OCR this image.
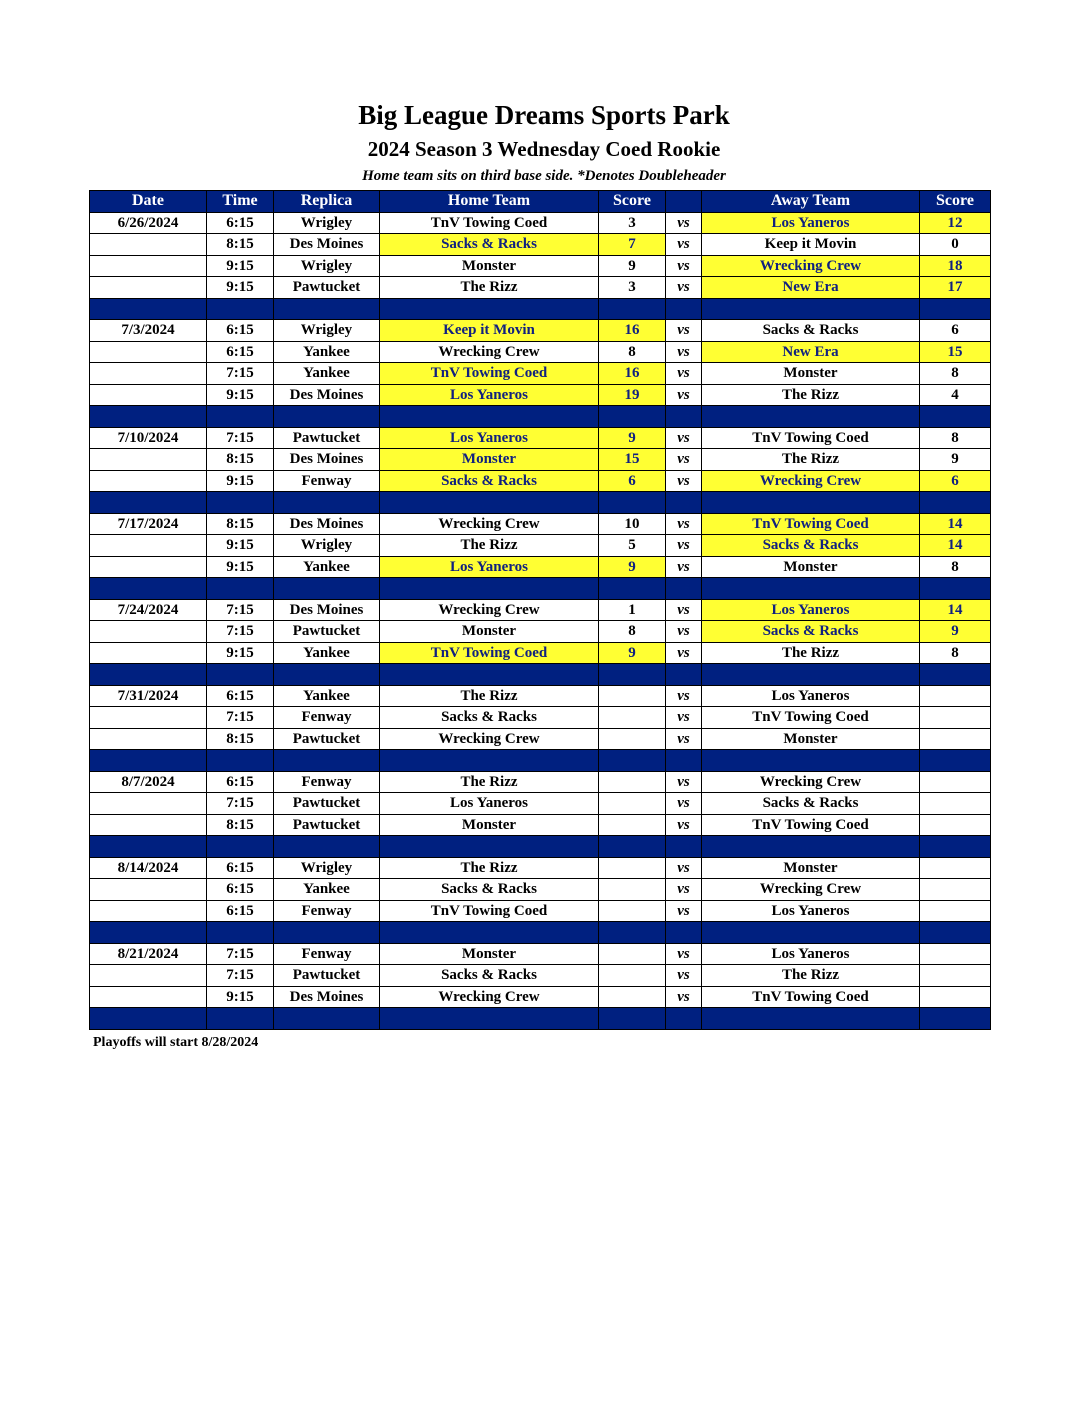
Big League Dreams Sports Park
2024 Season 3 Wednesday Coed Rookie
Home team sits on third base side. *Denotes Doubleheader
Date	Time	Replica	Home Team	Score		Away Team	Score
6/26/2024	6:15	Wrigley	TnV Towing Coed	3	vs	Los Yaneros	12
	8:15	Des Moines	Sacks & Racks	7	vs	Keep it Movin	0
	9:15	Wrigley	Monster	9	vs	Wrecking Crew	18
	9:15	Pawtucket	The Rizz	3	vs	New Era	17

7/3/2024	6:15	Wrigley	Keep it Movin	16	vs	Sacks & Racks	6
	6:15	Yankee	Wrecking Crew	8	vs	New Era	15
	7:15	Yankee	TnV Towing Coed	16	vs	Monster	8
	9:15	Des Moines	Los Yaneros	19	vs	The Rizz	4

7/10/2024	7:15	Pawtucket	Los Yaneros	9	vs	TnV Towing Coed	8
	8:15	Des Moines	Monster	15	vs	The Rizz	9
	9:15	Fenway	Sacks & Racks	6	vs	Wrecking Crew	6

7/17/2024	8:15	Des Moines	Wrecking Crew	10	vs	TnV Towing Coed	14
	9:15	Wrigley	The Rizz	5	vs	Sacks & Racks	14
	9:15	Yankee	Los Yaneros	9	vs	Monster	8

7/24/2024	7:15	Des Moines	Wrecking Crew	1	vs	Los Yaneros	14
	7:15	Pawtucket	Monster	8	vs	Sacks & Racks	9
	9:15	Yankee	TnV Towing Coed	9	vs	The Rizz	8

7/31/2024	6:15	Yankee	The Rizz		vs	Los Yaneros	
	7:15	Fenway	Sacks & Racks		vs	TnV Towing Coed	
	8:15	Pawtucket	Wrecking Crew		vs	Monster	

8/7/2024	6:15	Fenway	The Rizz		vs	Wrecking Crew	
	7:15	Pawtucket	Los Yaneros		vs	Sacks & Racks	
	8:15	Pawtucket	Monster		vs	TnV Towing Coed	

8/14/2024	6:15	Wrigley	The Rizz		vs	Monster	
	6:15	Yankee	Sacks & Racks		vs	Wrecking Crew	
	6:15	Fenway	TnV Towing Coed		vs	Los Yaneros	

8/21/2024	7:15	Fenway	Monster		vs	Los Yaneros	
	7:15	Pawtucket	Sacks & Racks		vs	The Rizz	
	9:15	Des Moines	Wrecking Crew		vs	TnV Towing Coed	

Playoffs will start 8/28/2024
